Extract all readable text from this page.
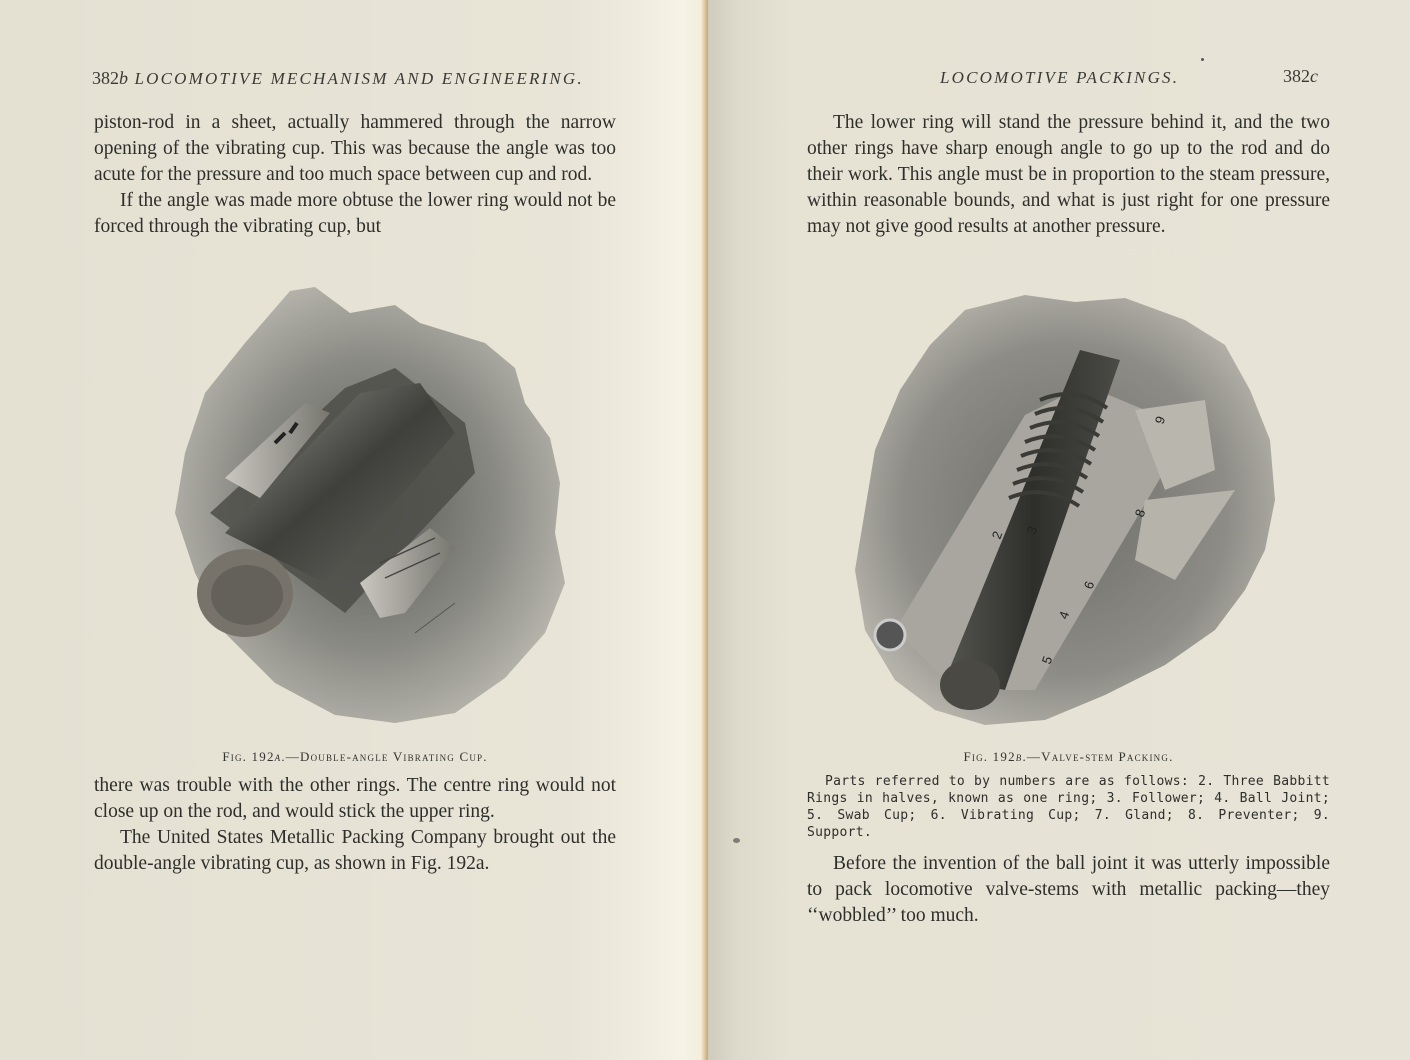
382b LOCOMOTIVE MECHANISM AND ENGINEERING.

piston-rod in a sheet, actually hammered through the narrow opening of the vibrating cup. This was because the angle was too acute for the pressure and too much space between cup and rod.

If the angle was made more obtuse the lower ring would not be forced through the vibrating cup, but

Fig. 192a.—Double-angle Vibrating Cup.

there was trouble with the other rings. The centre ring would not close up on the rod, and would stick the upper ring.

The United States Metallic Packing Company brought out the double-angle vibrating cup, as shown in Fig. 192a.

The lower ring will stand the pressure behind it, and the two other rings have sharp enough angle to go up to the rod and do their work. This angle must be in proportion to the steam pressure, within reasonable bounds, and what is just right for one pressure may not give good results at another pressure.

2 3
4
5
6
8
9
Fig. 192b.—Valve-stem Packing.

Parts referred to by numbers are as follows: 2. Three Babbitt Rings in halves, known as one ring; 3. Follower; 4. Ball Joint; 5. Swab Cup; 6. Vibrating Cup; 7. Gland; 8. Preventer; 9. Support.

Before the invention of the ball joint it was utterly impossible to pack locomotive valve-stems with metallic packing—they ‘‘wobbled’’ too much.

LOCOMOTIVE PACKINGS.	382c
